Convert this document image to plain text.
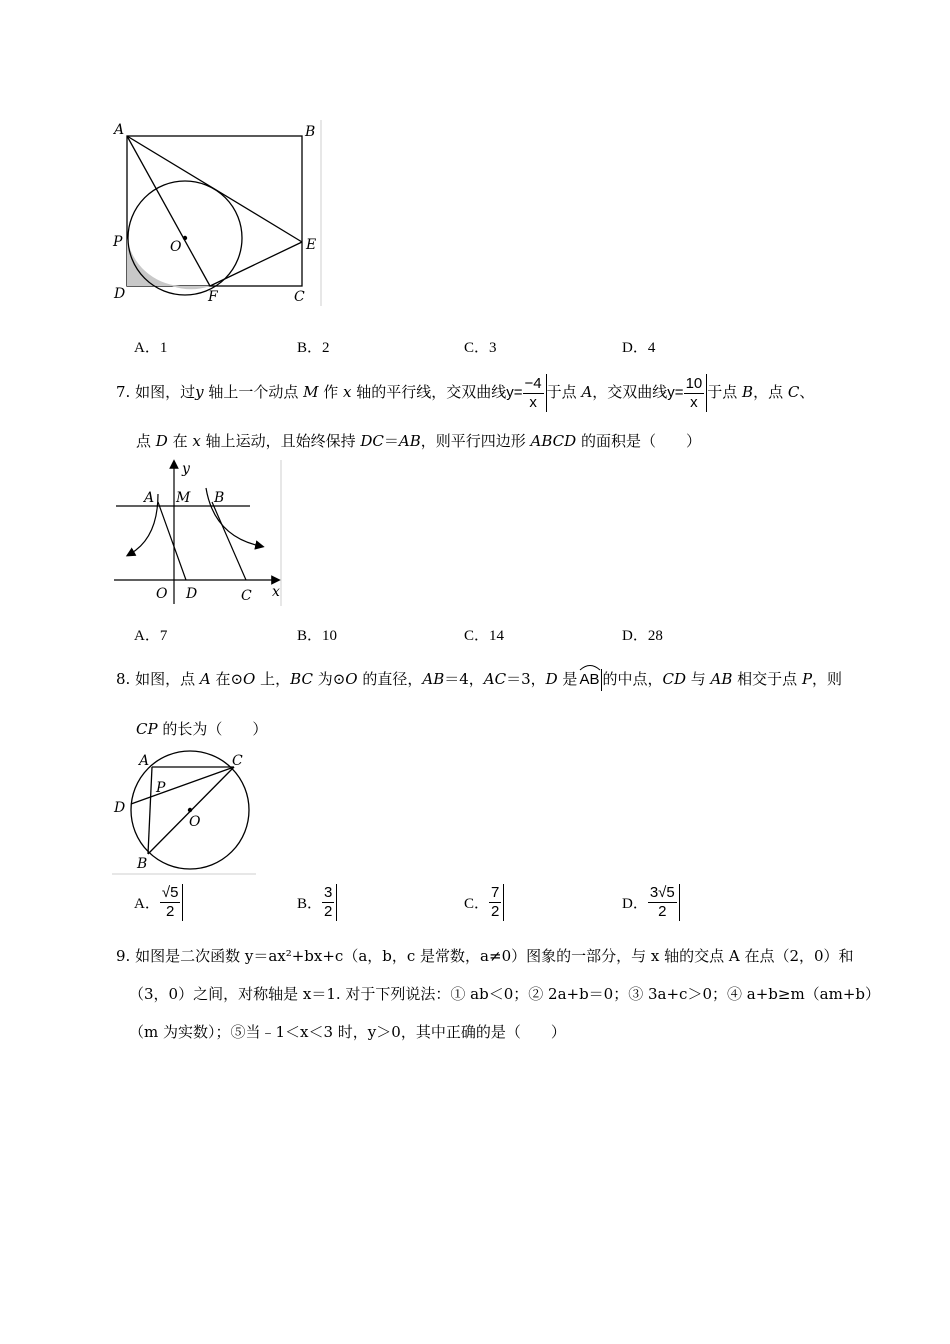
A	B
P	O	E
D	F	C
A．1	B．2	C．3	D．4
7. 如图，过y 轴上一个动点 M 作 x 轴的平行线，交双曲线$y= \frac{-4}{x}$ 于点 A，交双曲线$y= \frac{10}{x}$ 于点 B，点 C、
点 D 在 x 轴上运动，且始终保持 DC＝AB，则平行四边形 ABCD 的面积是（　　）
y
A M B
O D	C x
A．7	B．10	C．14	D．28
8. 如图，点 A 在⊙O 上，BC 为⊙O 的直径，AB＝4，AC＝3，D 是 AB 的中点，CD 与 AB 相交于点 P，则
CP 的长为（　　）
A	C
P
D
O
B
A． $\frac{√5}{2}$	B． $\frac{3}{2}$	C． $\frac{7}{2}$	D． $\frac{3√5}{2}$
9. 如图是二次函数 y＝ax²+bx+c（a，b，c 是常数，a≠0）图象的一部分，与 x 轴的交点 A 在点（2，0）和
（3，0）之间，对称轴是 x＝1. 对于下列说法：① ab＜0；② 2a+b＝0；③ 3a+c＞0；④ a+b≥m（am+b）
（m 为实数）；⑤当﹣1＜x＜3 时，y＞0，其中正确的是（　　）
